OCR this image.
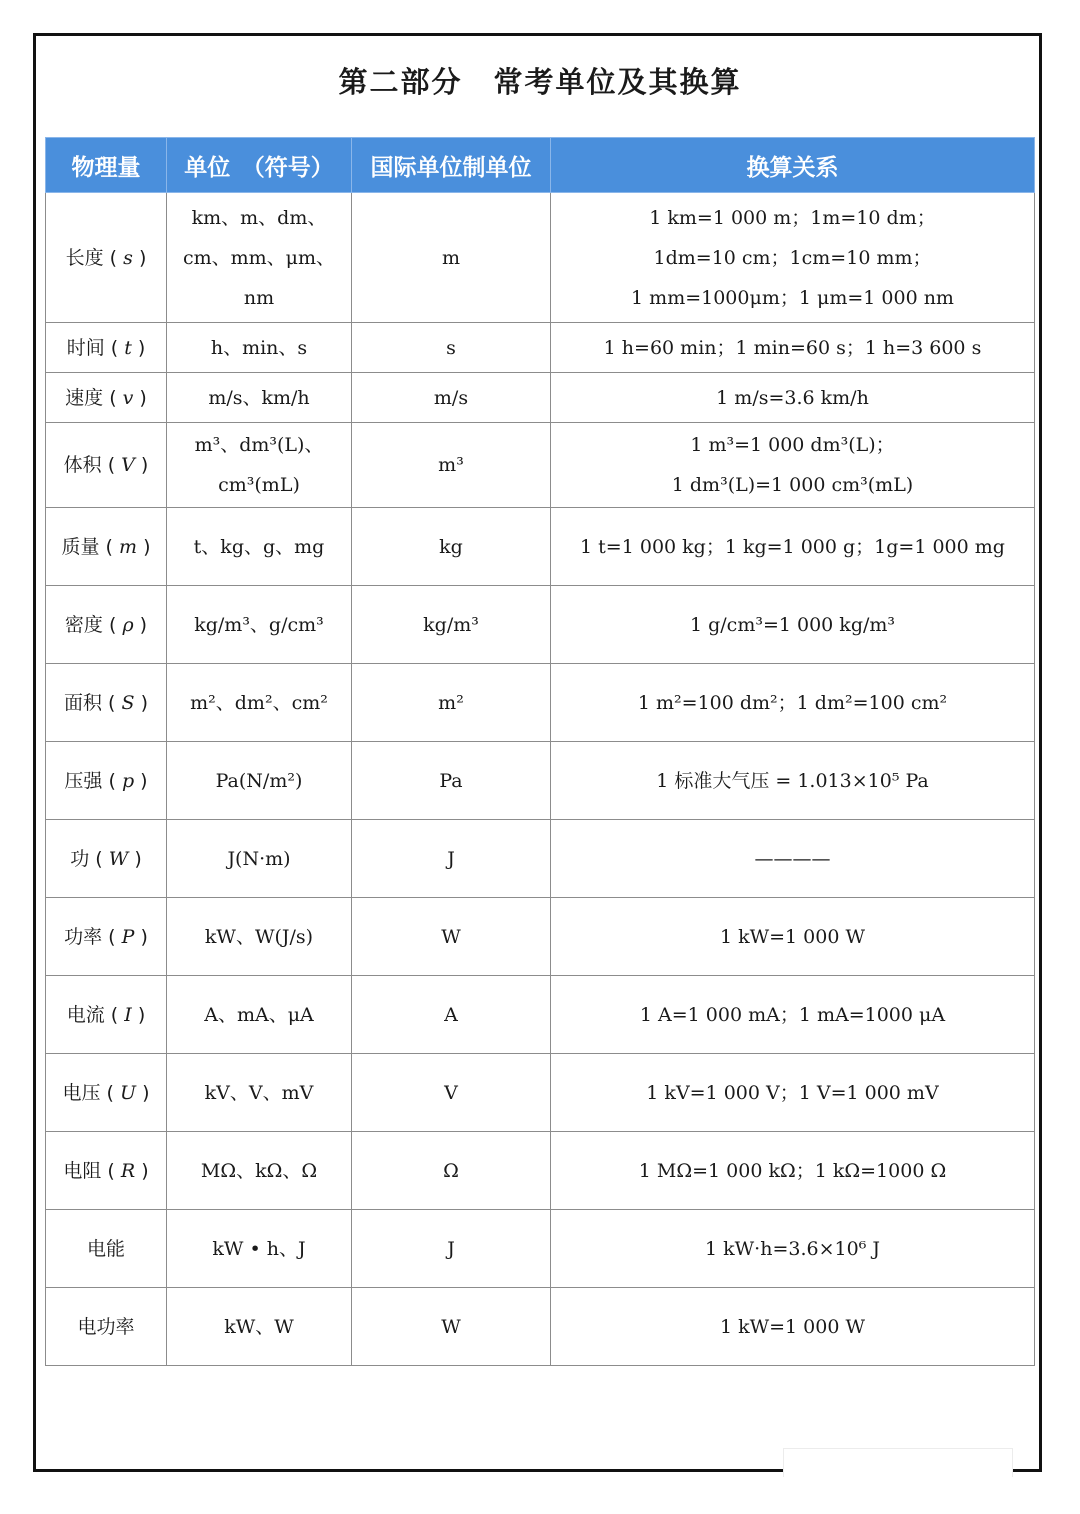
第二部分　常考单位及其换算
物理量	单位　（符号）	国际单位制单位	换算关系
长度 ( s )	km、m、dm、
cm、mm、μm、
nm	m	1 km=1 000 m；1m=10 dm；
1dm=10 cm；1cm=10 mm；
1 mm=1000μm；1 μm=1 000 nm

时间 ( t )	h、min、s	s	1 h=60 min；1 min=60 s；1 h=3 600 s

速度 ( v )	m/s、km/h	m/s	1 m/s=3.6 km/h

体积 ( V )	m³、dm³(L)、
cm³(mL)	m³	1 m³=1 000 dm³(L)；
1 dm³(L)=1 000 cm³(mL)

质量 ( m )	t、kg、g、mg	kg	1 t=1 000 kg；1 kg=1 000 g；1g=1 000 mg

密度 ( ρ )	kg/m³、g/cm³	kg/m³	1 g/cm³=1 000 kg/m³

面积 ( S )	m²、dm²、cm²	m²	1 m²=100 dm²；1 dm²=100 cm²

压强 ( p )	Pa(N/m²)	Pa	1 标准大气压 = 1.013×10⁵ Pa

功 ( W )	J(N·m)	J	————

功率 ( P )	kW、W(J/s)	W	1 kW=1 000 W

电流 ( I )	A、mA、μA	A	1 A=1 000 mA；1 mA=1000 μA

电压 ( U )	kV、V、mV	V	1 kV=1 000 V；1 V=1 000 mV

电阻 ( R )	MΩ、kΩ、Ω	Ω	1 MΩ=1 000 kΩ；1 kΩ=1000 Ω

电能	kW • h、J	J	1 kW·h=3.6×10⁶ J

电功率	kW、W	W	1 kW=1 000 W
